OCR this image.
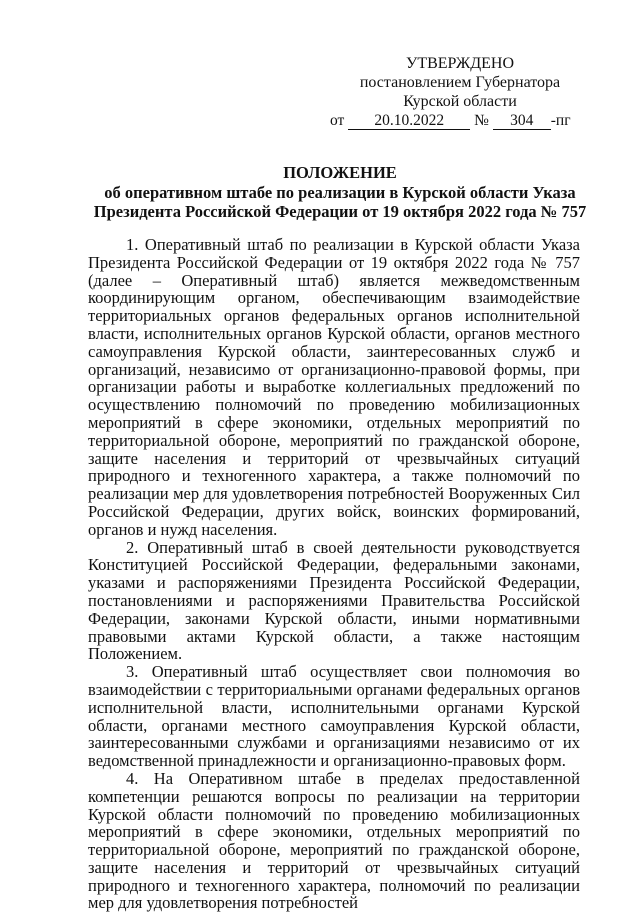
УТВЕРЖДЕНО
постановлением Губернатора
Курской области
от 20.10.2022 № 304 -пг
ПОЛОЖЕНИЕ
об оперативном штабе по реализации в Курской области Указа
Президента Российской Федерации от 19 октября 2022 года № 757

1. Оперативный штаб по реализации в Курской области Указа Президента Российской Федерации от 19 октября 2022 года № 757 (далее – Оперативный штаб) является межведомственным координирующим органом, обеспечивающим взаимодействие территориальных органов федеральных органов исполнительной власти, исполнительных органов Курской области, органов местного самоуправления Курской области, заинтересованных служб и организаций, независимо от организационно-правовой формы, при организации работы и выработке коллегиальных предложений по осуществлению полномочий по проведению мобилизационных мероприятий в сфере экономики, отдельных мероприятий по территориальной обороне, мероприятий по гражданской обороне, защите населения и территорий от чрезвычайных ситуаций природного и техногенного характера, а также полномочий по реализации мер для удовлетворения потребностей Вооруженных Сил Российской Федерации, других войск, воинских формирований, органов и нужд населения.

2. Оперативный штаб в своей деятельности руководствуется Конституцией Российской Федерации, федеральными законами, указами и распоряжениями Президента Российской Федерации, постановлениями и распоряжениями Правительства Российской Федерации, законами Курской области, иными нормативными правовыми актами Курской области, а также настоящим Положением.

3. Оперативный штаб осуществляет свои полномочия во взаимодействии с территориальными органами федеральных органов исполнительной власти, исполнительными органами Курской области, органами местного самоуправления Курской области, заинтересованными службами и организациями независимо от их ведомственной принадлежности и организационно-правовых форм.

4. На Оперативном штабе в пределах предоставленной компетенции решаются вопросы по реализации на территории Курской области полномочий по проведению мобилизационных мероприятий в сфере экономики, отдельных мероприятий по территориальной обороне, мероприятий по гражданской обороне, защите населения и территорий от чрезвычайных ситуаций природного и техногенного характера, полномочий по реализации мер для удовлетворения потребностей
